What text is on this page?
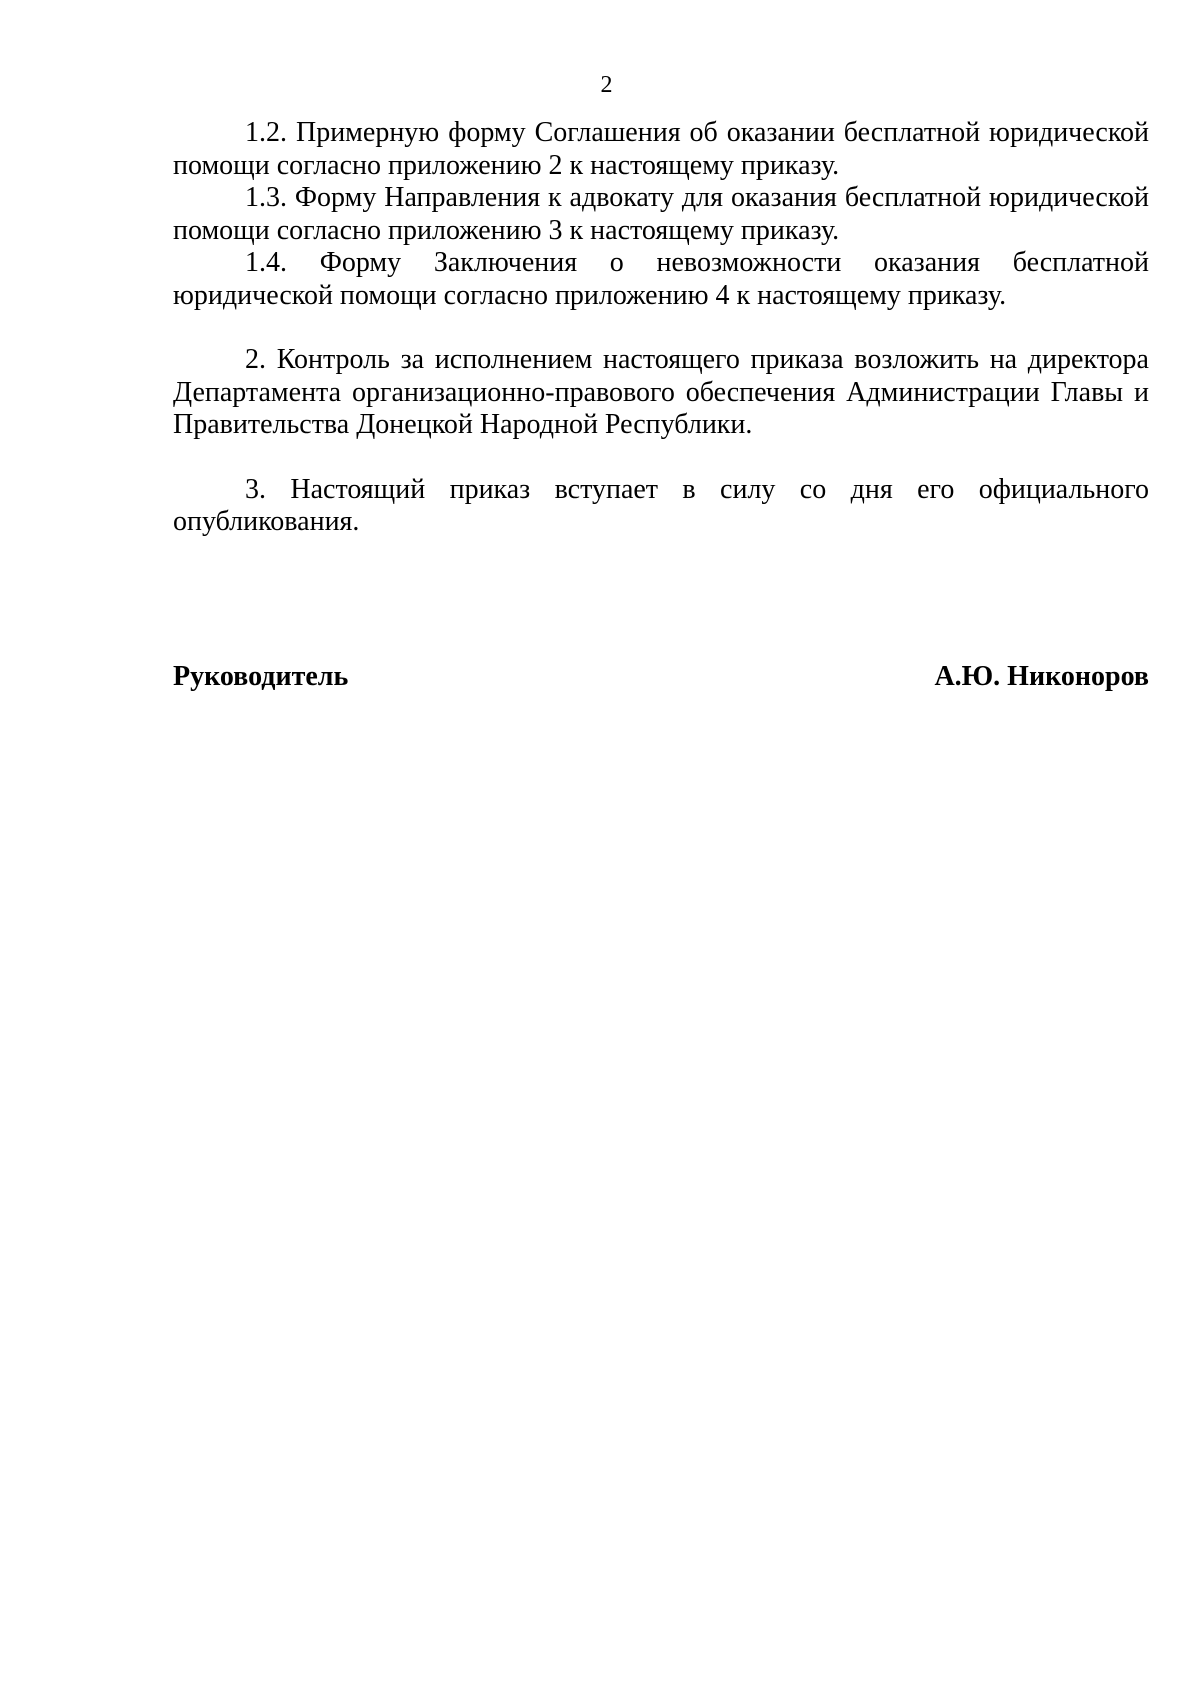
2

1.2. Примерную форму Соглашения об оказании бесплатной юридической помощи согласно приложению 2 к настоящему приказу.

1.3. Форму Направления к адвокату для оказания бесплатной юридической помощи согласно приложению 3 к настоящему приказу.

1.4. Форму Заключения о невозможности оказания бесплатной юридической помощи согласно приложению 4 к настоящему приказу.

2. Контроль за исполнением настоящего приказа возложить на директора Департамента организационно-правового обеспечения Администрации Главы и Правительства Донецкой Народной Республики.

3. Настоящий приказ вступает в силу со дня его официального опубликования.

Руководитель	А.Ю. Никоноров
